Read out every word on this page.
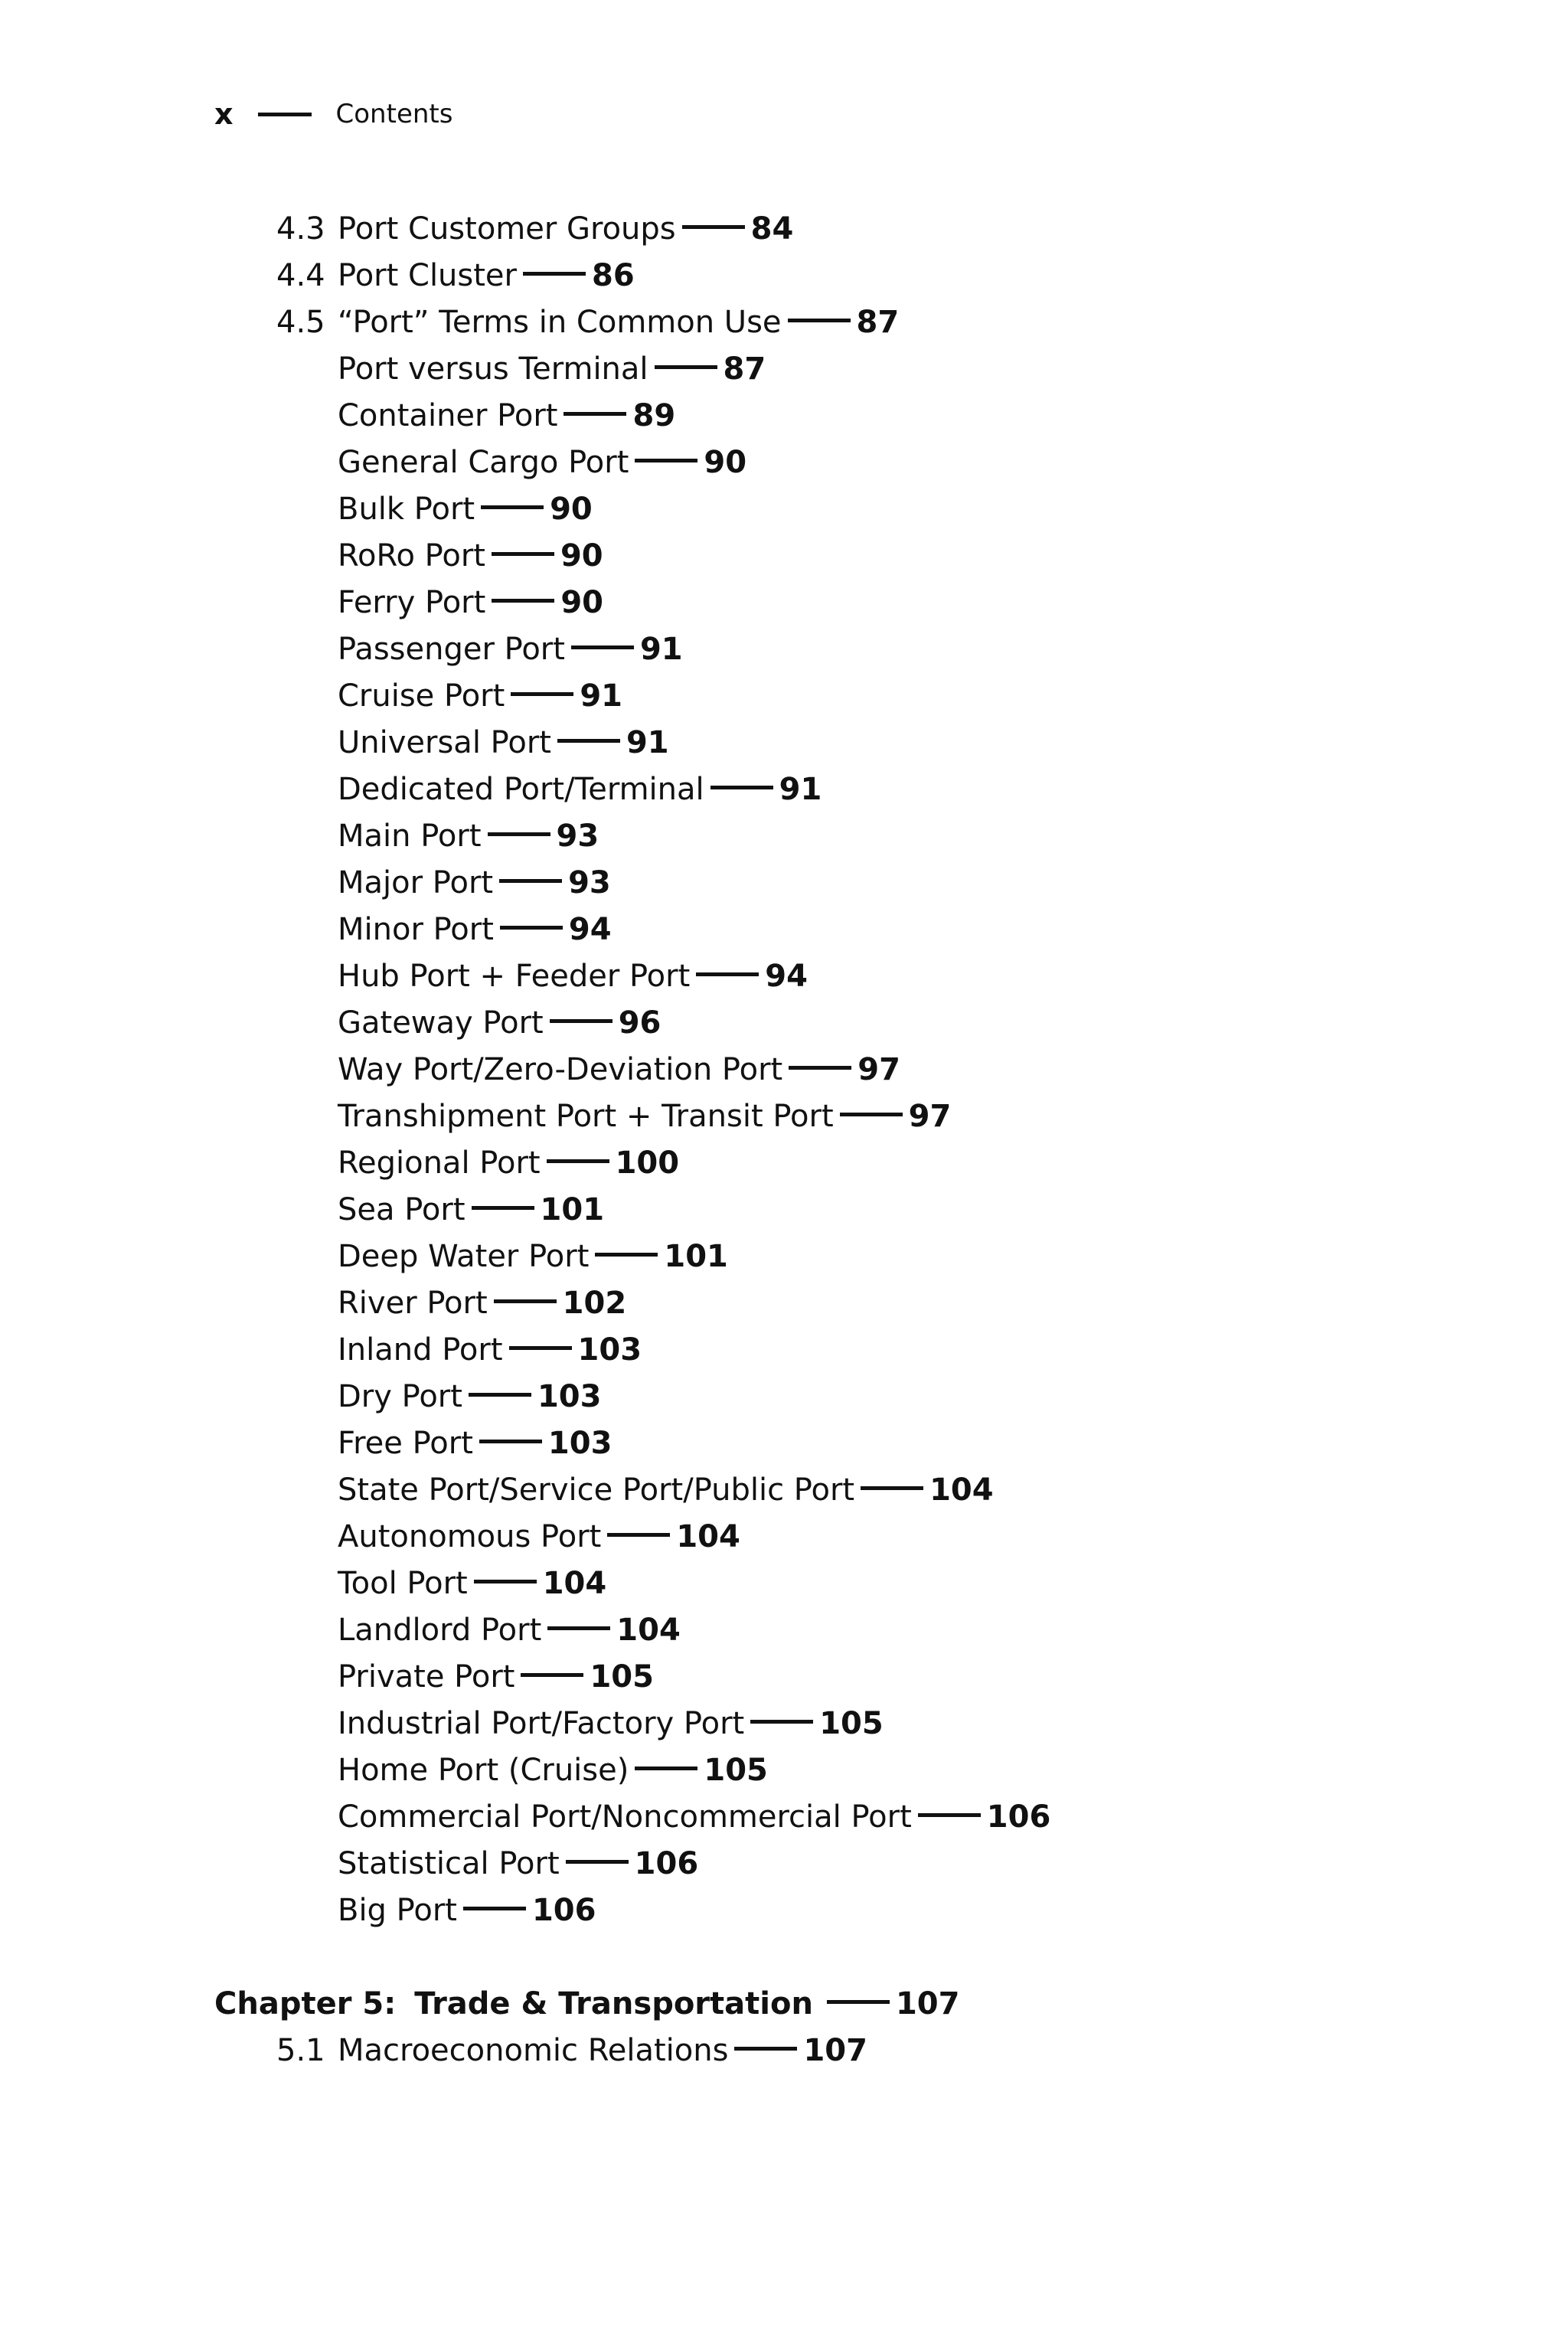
x	Contents
4.3 Port Customer Groups 84
4.4 Port Cluster 86
4.5 “Port” Terms in Common Use 87
Port versus Terminal 87
Container Port 89
General Cargo Port 90
Bulk Port 90
RoRo Port 90
Ferry Port 90
Passenger Port 91
Cruise Port 91
Universal Port 91
Dedicated Port/Terminal 91
Main Port 93
Major Port 93
Minor Port 94
Hub Port + Feeder Port 94
Gateway Port 96
Way Port/Zero-Deviation Port 97
Transhipment Port + Transit Port 97
Regional Port 100
Sea Port 101
Deep Water Port 101
River Port 102
Inland Port 103
Dry Port 103
Free Port 103
State Port/Service Port/Public Port 104
Autonomous Port 104
Tool Port 104
Landlord Port 104
Private Port 105
Industrial Port/Factory Port 105
Home Port (Cruise) 105
Commercial Port/Noncommercial Port 106
Statistical Port 106
Big Port 106
Chapter 5: Trade & Transportation	107
5.1 Macroeconomic Relations 107
